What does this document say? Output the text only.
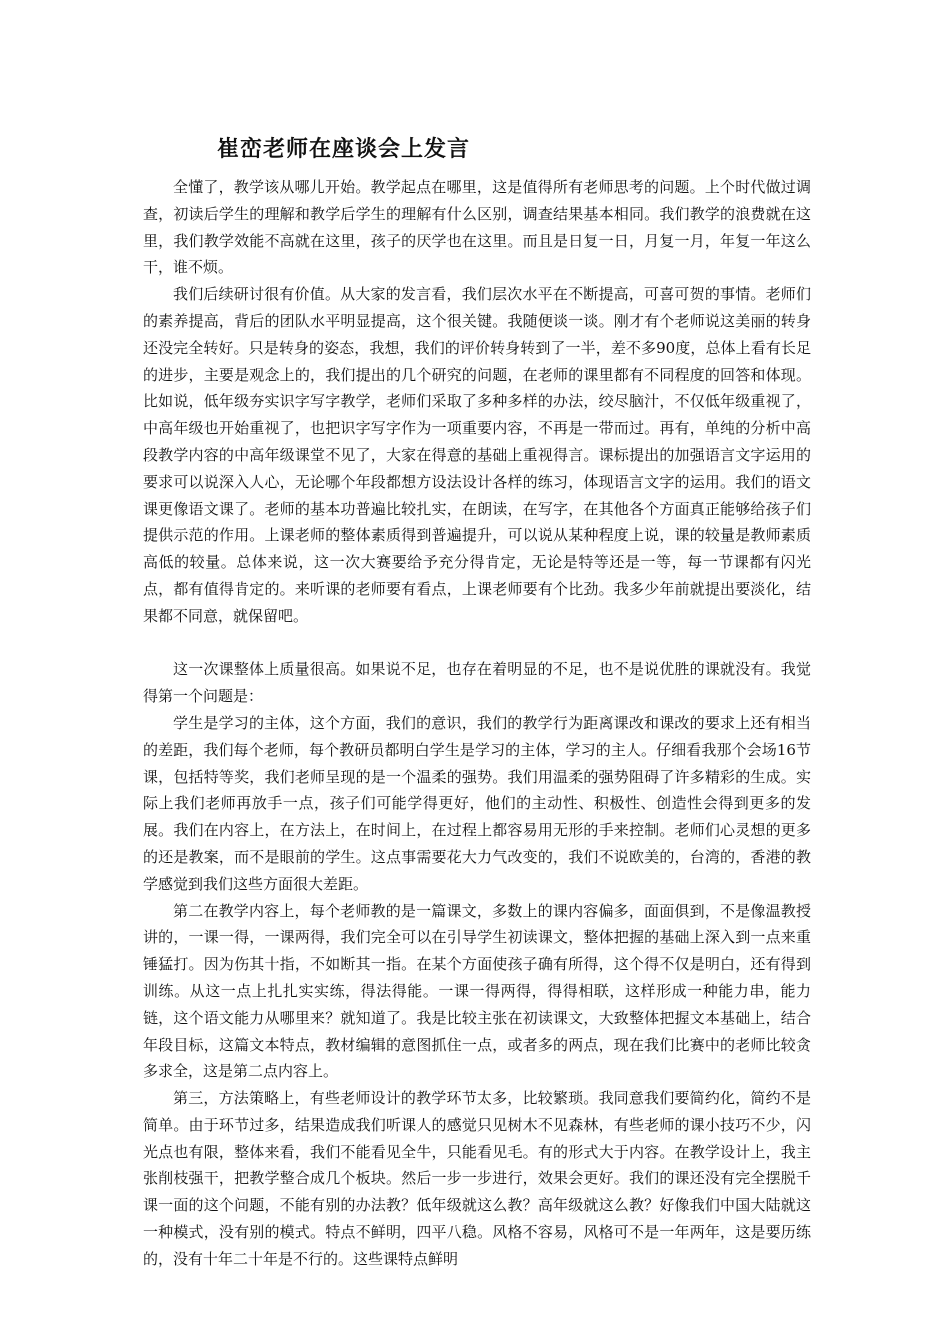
崔峦老师在座谈会上发言

全懂了，教学该从哪儿开始。教学起点在哪里，这是值得所有老师思考的问题。上个时代做过调查，初读后学生的理解和教学后学生的理解有什么区别，调查结果基本相同。我们教学的浪费就在这里，我们教学效能不高就在这里，孩子的厌学也在这里。而且是日复一日，月复一月，年复一年这么干，谁不烦。

我们后续研讨很有价值。从大家的发言看，我们层次水平在不断提高，可喜可贺的事情。老师们的素养提高，背后的团队水平明显提高，这个很关键。我随便谈一谈。刚才有个老师说这美丽的转身还没完全转好。只是转身的姿态，我想，我们的评价转身转到了一半，差不多90度，总体上看有长足的进步，主要是观念上的，我们提出的几个研究的问题，在老师的课里都有不同程度的回答和体现。比如说，低年级夯实识字写字教学，老师们采取了多种多样的办法，绞尽脑汁，不仅低年级重视了，中高年级也开始重视了，也把识字写字作为一项重要内容，不再是一带而过。再有，单纯的分析中高段教学内容的中高年级课堂不见了，大家在得意的基础上重视得言。课标提出的加强语言文字运用的要求可以说深入人心，无论哪个年段都想方设法设计各样的练习，体现语言文字的运用。我们的语文课更像语文课了。老师的基本功普遍比较扎实，在朗读，在写字，在其他各个方面真正能够给孩子们提供示范的作用。上课老师的整体素质得到普遍提升，可以说从某种程度上说，课的较量是教师素质高低的较量。总体来说，这一次大赛要给予充分得肯定，无论是特等还是一等，每一节课都有闪光点，都有值得肯定的。来听课的老师要有看点，上课老师要有个比劲。我多少年前就提出要淡化，结果都不同意，就保留吧。

这一次课整体上质量很高。如果说不足，也存在着明显的不足，也不是说优胜的课就没有。我觉得第一个问题是：

学生是学习的主体，这个方面，我们的意识，我们的教学行为距离课改和课改的要求上还有相当的差距，我们每个老师，每个教研员都明白学生是学习的主体，学习的主人。仔细看我那个会场16节课，包括特等奖，我们老师呈现的是一个温柔的强势。我们用温柔的强势阻碍了许多精彩的生成。实际上我们老师再放手一点，孩子们可能学得更好，他们的主动性、积极性、创造性会得到更多的发展。我们在内容上，在方法上，在时间上，在过程上都容易用无形的手来控制。老师们心灵想的更多的还是教案，而不是眼前的学生。这点事需要花大力气改变的，我们不说欧美的，台湾的，香港的教学感觉到我们这些方面很大差距。

第二在教学内容上，每个老师教的是一篇课文，多数上的课内容偏多，面面俱到，不是像温教授讲的，一课一得，一课两得，我们完全可以在引导学生初读课文，整体把握的基础上深入到一点来重锤猛打。因为伤其十指，不如断其一指。在某个方面使孩子确有所得，这个得不仅是明白，还有得到训练。从这一点上扎扎实实练，得法得能。一课一得两得，得得相联，这样形成一种能力串，能力链，这个语文能力从哪里来？就知道了。我是比较主张在初读课文，大致整体把握文本基础上，结合年段目标，这篇文本特点，教材编辑的意图抓住一点，或者多的两点，现在我们比赛中的老师比较贪多求全，这是第二点内容上。

第三，方法策略上，有些老师设计的教学环节太多，比较繁琐。我同意我们要简约化，简约不是简单。由于环节过多，结果造成我们听课人的感觉只见树木不见森林，有些老师的课小技巧不少，闪光点也有限，整体来看，我们不能看见全牛，只能看见毛。有的形式大于内容。在教学设计上，我主张削枝强干，把教学整合成几个板块。然后一步一步进行，效果会更好。我们的课还没有完全摆脱千课一面的这个问题，不能有别的办法教？低年级就这么教？高年级就这么教？好像我们中国大陆就这一种模式，没有别的模式。特点不鲜明，四平八稳。风格不容易，风格可不是一年两年，这是要历练的，没有十年二十年是不行的。这些课特点鲜明
